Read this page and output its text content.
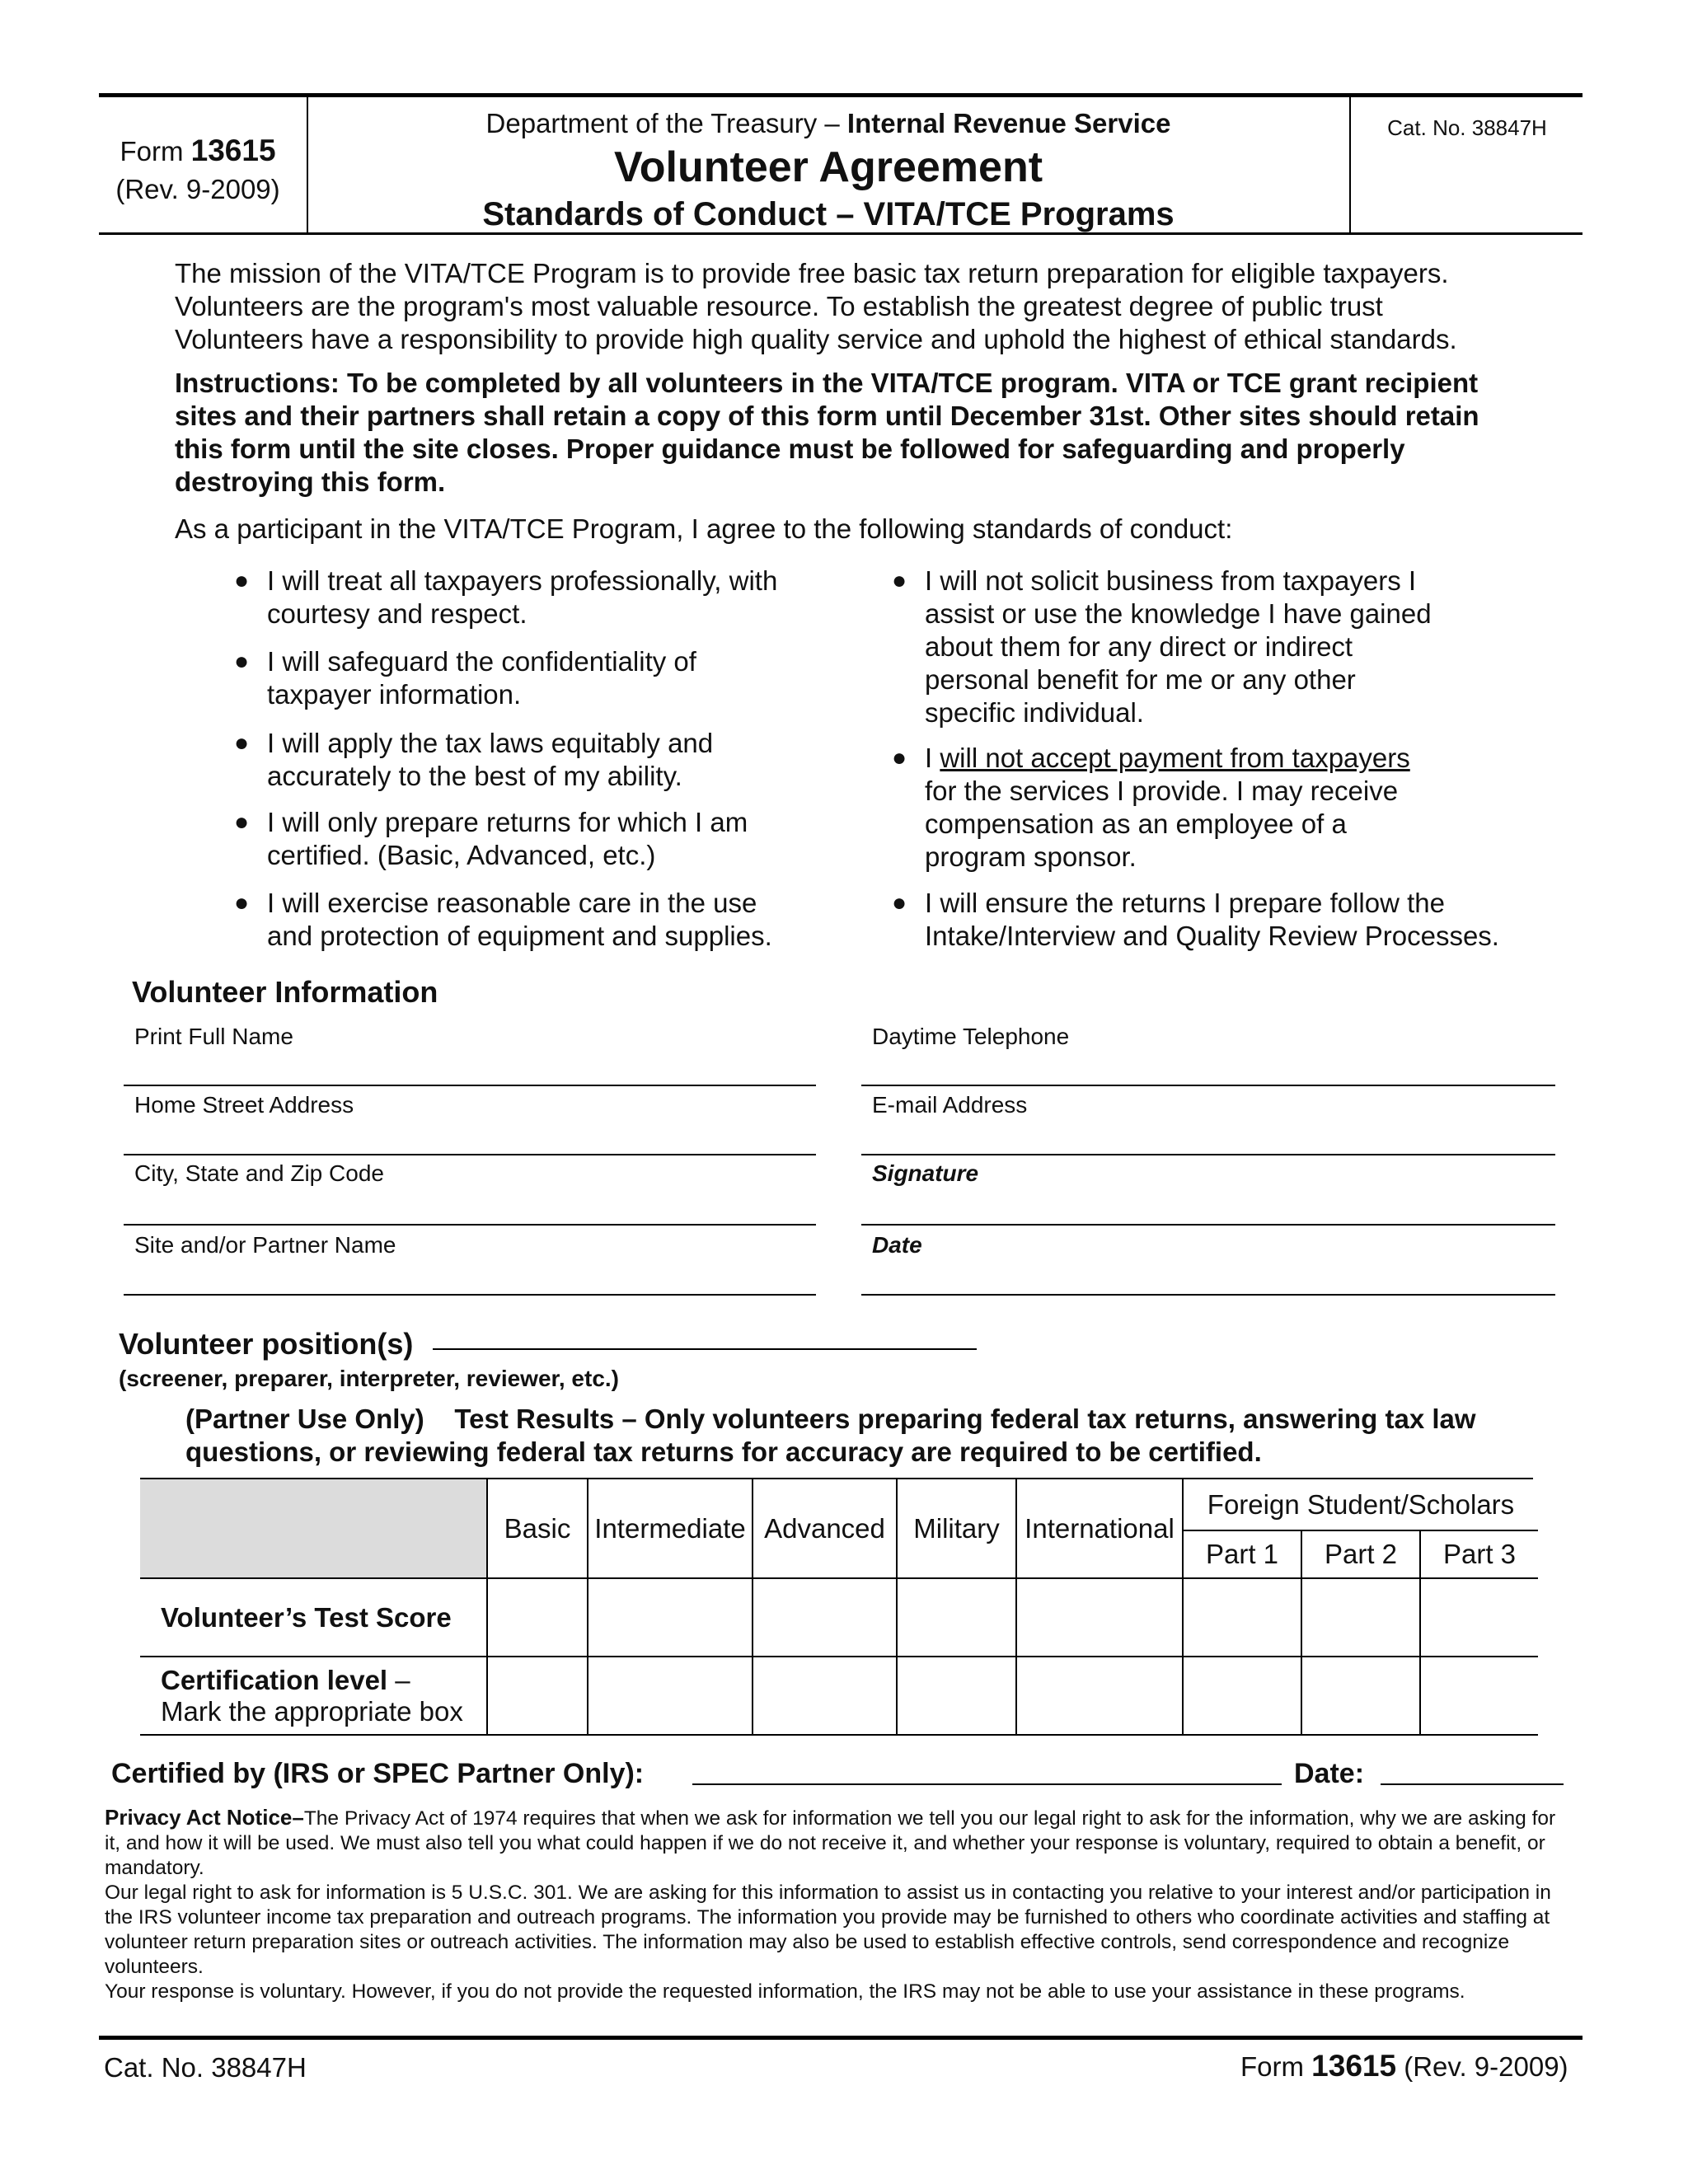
Form 13615
(Rev. 9-2009)
Department of the Treasury – Internal Revenue Service
Volunteer Agreement
Standards of Conduct – VITA/TCE Programs
Cat. No. 38847H
The mission of the VITA/TCE Program is to provide free basic tax return preparation for eligible taxpayers.
Volunteers are the program's most valuable resource. To establish the greatest degree of public trust
Volunteers have a responsibility to provide high quality service and uphold the highest of ethical standards.
Instructions: To be completed by all volunteers in the VITA/TCE program. VITA or TCE grant recipient
sites and their partners shall retain a copy of this form until December 31st. Other sites should retain
this form until the site closes. Proper guidance must be followed for safeguarding and properly
destroying this form.
As a participant in the VITA/TCE Program, I agree to the following standards of conduct:
● I will treat all taxpayers professionally, with
courtesy and respect.
● I will safeguard the confidentiality of
taxpayer information.
● I will apply the tax laws equitably and
accurately to the best of my ability.
● I will only prepare returns for which I am
certified. (Basic, Advanced, etc.)
● I will exercise reasonable care in the use
and protection of equipment and supplies.
● I will not solicit business from taxpayers I
assist or use the knowledge I have gained
about them for any direct or indirect
personal benefit for me or any other
specific individual.
● I will not accept payment from taxpayers
for the services I provide. I may receive
compensation as an employee of a
program sponsor.
● I will ensure the returns I prepare follow the
Intake/Interview and Quality Review Processes.
Volunteer Information
Print Full Name
Home Street Address
City, State and Zip Code
Site and/or Partner Name
Daytime Telephone
E-mail Address
Signature
Date
Volunteer position(s)
(screener, preparer, interpreter, reviewer, etc.)
(Partner Use Only)    Test Results – Only volunteers preparing federal tax returns, answering tax law
questions, or reviewing federal tax returns for accuracy are required to be certified.
	Basic	Intermediate	Advanced	Military	International	Foreign Student/Scholars		
						Part 1	Part 2	Part 3
Volunteer’s Test Score								

Certification level –
Mark the appropriate box								

Certified by (IRS or SPEC Partner Only):	Date:
Privacy Act Notice–The Privacy Act of 1974 requires that when we ask for information we tell you our legal right to ask for the information, why we are asking for it, and how it will be used. We must also tell you what could happen if we do not receive it, and whether your response is voluntary, required to obtain a benefit, or mandatory.
Our legal right to ask for information is 5 U.S.C. 301. We are asking for this information to assist us in contacting you relative to your interest and/or participation in the IRS volunteer income tax preparation and outreach programs. The information you provide may be furnished to others who coordinate activities and staffing at volunteer return preparation sites or outreach activities. The information may also be used to establish effective controls, send correspondence and recognize volunteers.
Your response is voluntary. However, if you do not provide the requested information, the IRS may not be able to use your assistance in these programs.
Cat. No. 38847H	Form 13615 (Rev. 9-2009)
